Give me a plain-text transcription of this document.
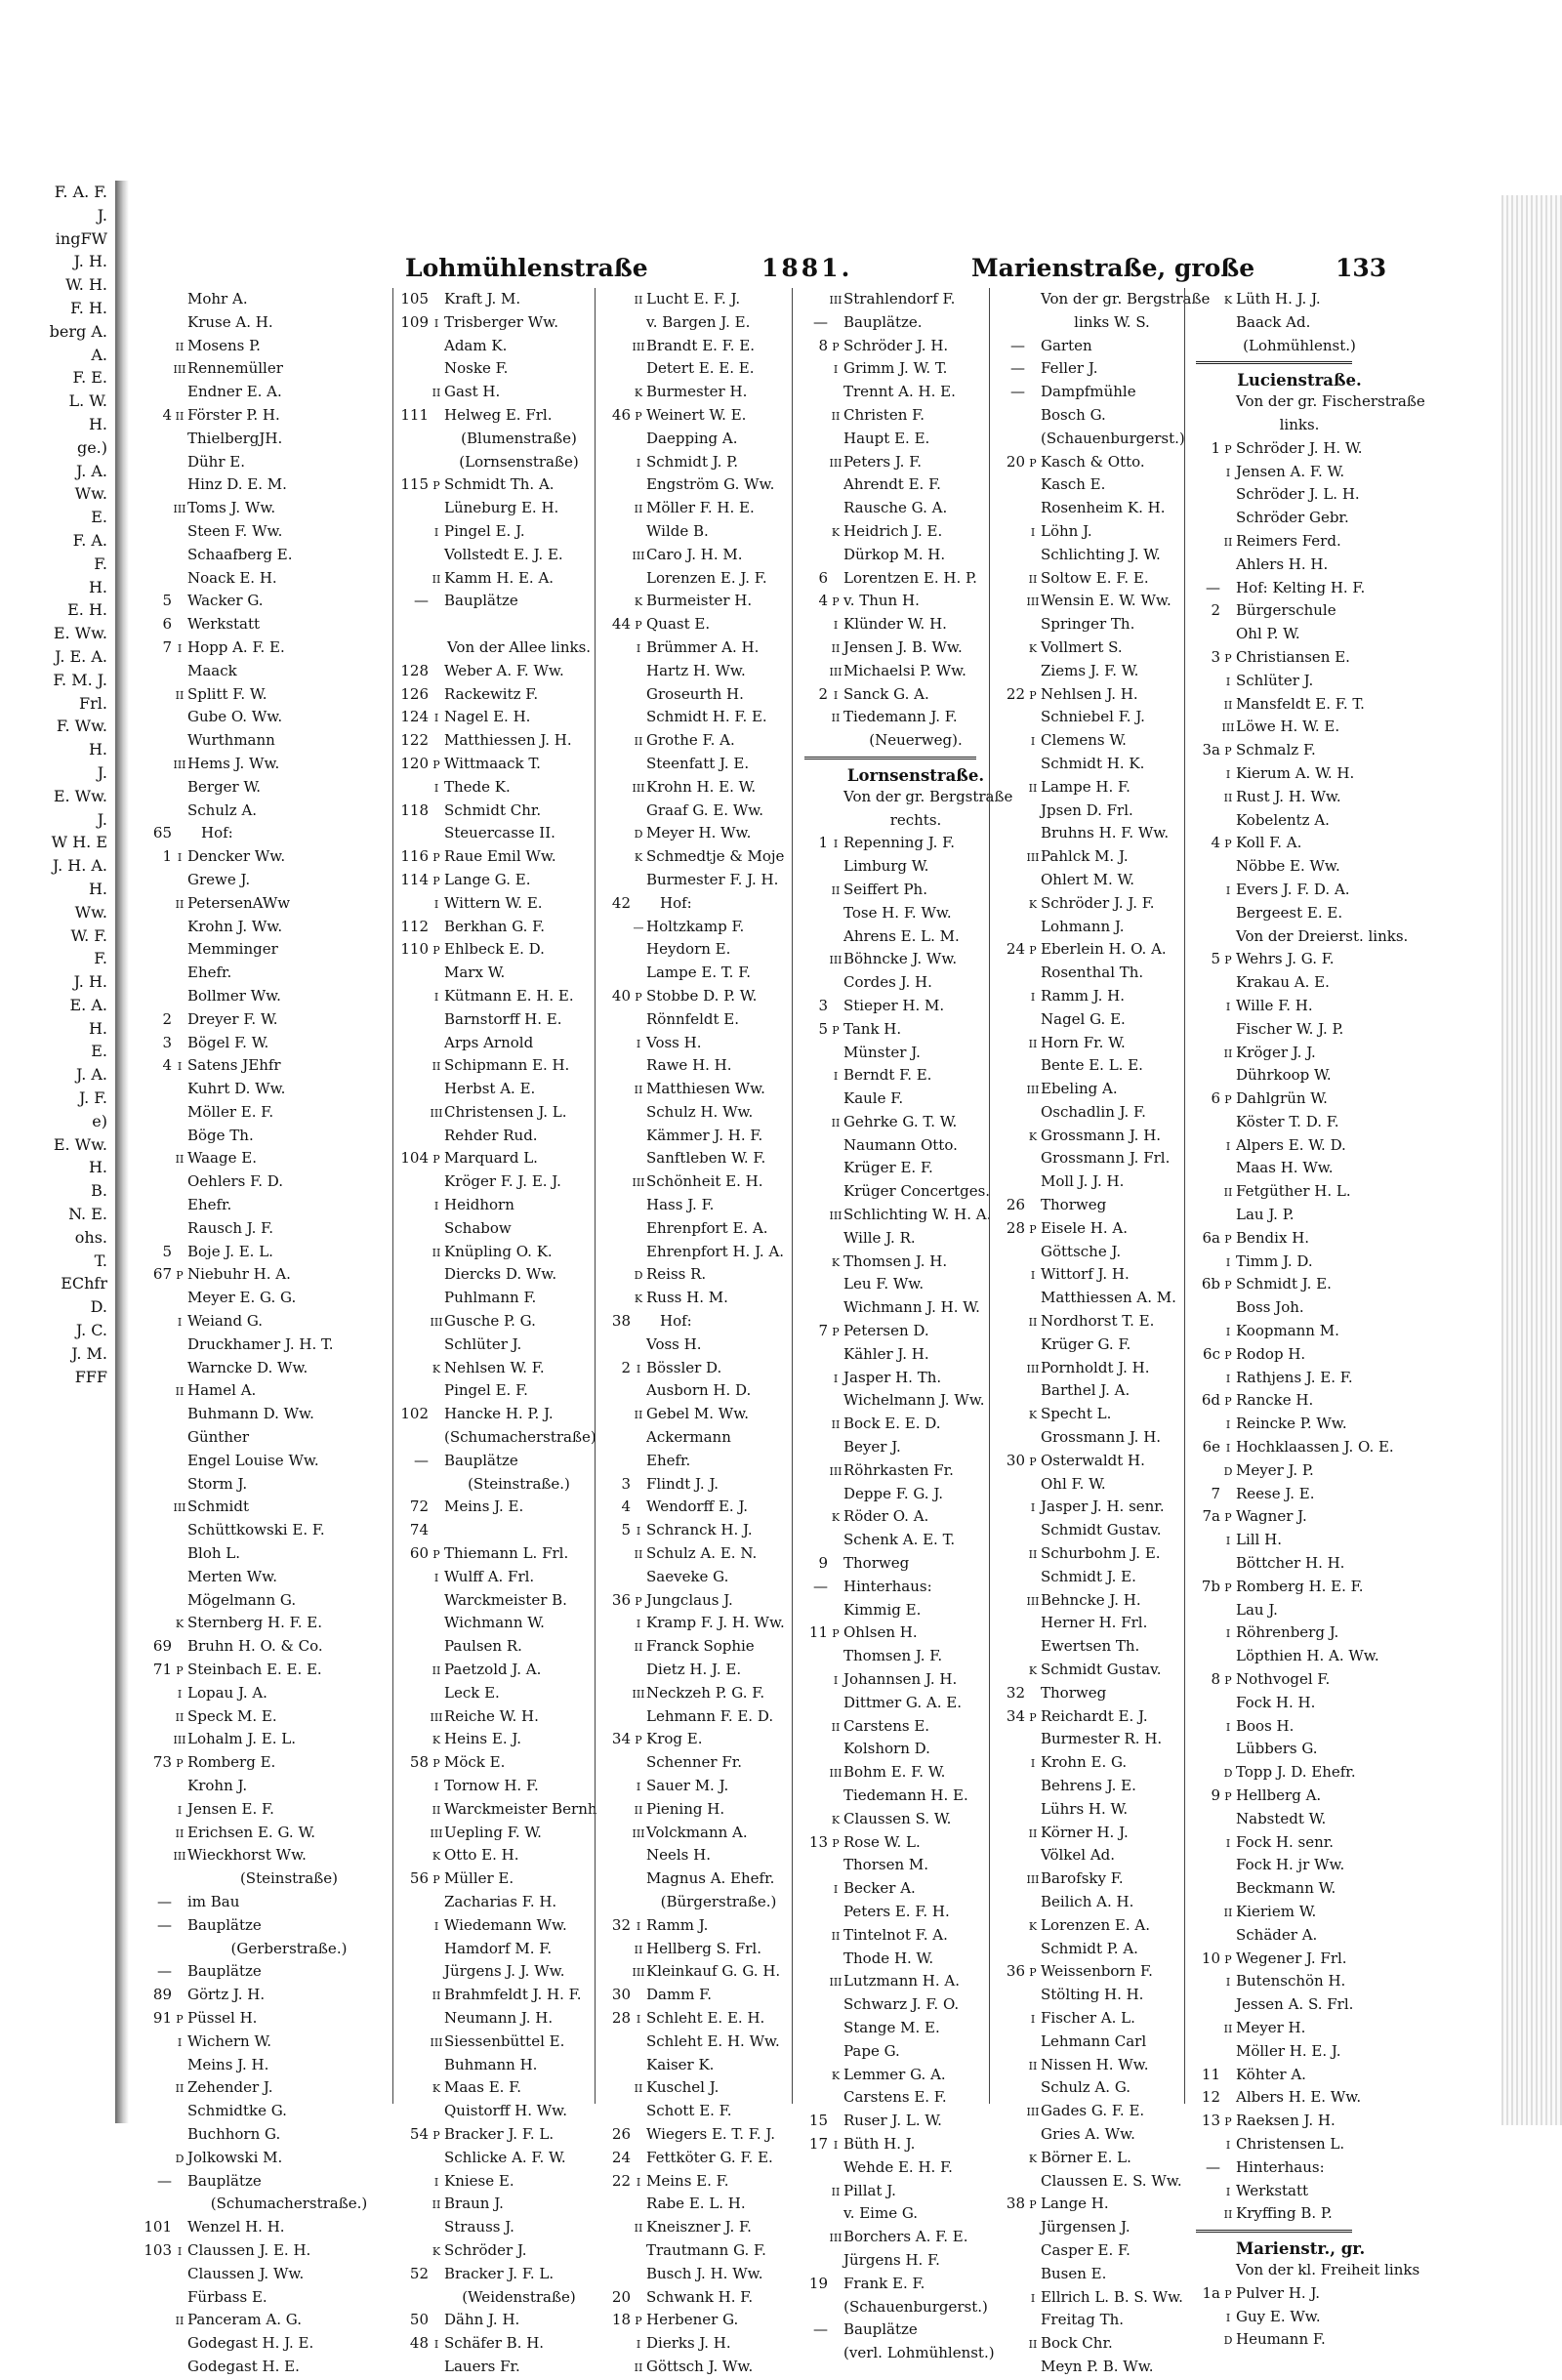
F. A. F.
J.
ingFW
J. H.
W. H.
F. H.
berg A.
A.
F. E.
L. W.
H.
ge.)
J. A.
Ww.
E.
F. A.
F.
H.
E. H.
E. Ww.
J. E. A.
F. M. J.
Frl.
F. Ww.
H.
J.
E. Ww.
J.
W H. E
J. H. A.
H.
Ww.
W. F.
F.
J. H.
E. A.
H.
E.
J. A.
J. F.
e)
E. Ww.
H.
B.
N. E.
ohs.
T.
EChfr
D.
J. C.
J. M.
FFF
Lohmühlenstraße	1881.	Marienstraße, große	133
Mohr A.
Kruse A. H.
II Mosens P.
III Rennemüller
Endner E. A.
4 II Förster P. H.
ThielbergJH.
Dühr E.
Hinz D. E. M.
III Toms J. Ww.
Steen F. Ww.
Schaafberg E.
Noack E. H.
5 Wacker G.
6 Werkstatt
7 I Hopp A. F. E.
Maack
II Splitt F. W.
Gube O. Ww.
Wurthmann
III Hems J. Ww.
Berger W.
Schulz A.
65	Hof:
1 I Dencker Ww.
Grewe J.
II PetersenAWw
Krohn J. Ww.
Memminger
Ehefr.
Bollmer Ww.
2 Dreyer F. W.
3 Bögel F. W.
4 I Satens JEhfr
Kuhrt D. Ww.
Möller E. F.
Böge Th.
II Waage E.
Oehlers F. D.
Ehefr.
Rausch J. F.
5 Boje J. E. L.
67 P Niebuhr H. A.
Meyer E. G. G.
I Weiand G.
Druckhamer J. H. T.
Warncke D. Ww.
II Hamel A.
Buhmann D. Ww.
Günther
Engel Louise Ww.
Storm J.
III Schmidt
Schüttkowski E. F.
Bloh L.
Merten Ww.
Mögelmann G.
K Sternberg H. F. E.
69 Bruhn H. O. & Co.
71 P Steinbach E. E. E.
I Lopau J. A.
II Speck M. E.
III Lohalm J. E. L.
73 P Romberg E.
Krohn J.
I Jensen E. F.
II Erichsen E. G. W.
III Wieckhorst Ww.
(Steinstraße)
— im Bau
— Bauplätze
(Gerberstraße.)
— Bauplätze
89 Görtz J. H.
91 P Püssel H.
I Wichern W.
Meins J. H.
II Zehender J.
Schmidtke G.
Buchhorn G.
D Jolkowski M.
— Bauplätze
(Schumacherstraße.)
101 Wenzel H. H.
103 I Claussen J. E. H.
Claussen J. Ww.
Fürbass E.
II Panceram A. G.
Godegast H. J. E.
Godegast H. E.
105 Kraft J. M.
109 I Trisberger Ww.
Adam K.
Noske F.
II Gast H.
111 Helweg E. Frl.
(Blumenstraße)
(Lornsenstraße)
115 P Schmidt Th. A.
Lüneburg E. H.
I Pingel E. J.
Vollstedt E. J. E.
II Kamm H. E. A.
— Bauplätze
Von der Allee links.
128 Weber A. F. Ww.
126 Rackewitz F.
124 I Nagel E. H.
122 Matthiessen J. H.
120 P Wittmaack T.
I Thede K.
118 Schmidt Chr.
Steuercasse II.
116 P Raue Emil Ww.
114 P Lange G. E.
I Wittern W. E.
112 Berkhan G. F.
110 P Ehlbeck E. D.
Marx W.
I Kütmann E. H. E.
Barnstorff H. E.
Arps Arnold
II Schipmann E. H.
Herbst A. E.
III Christensen J. L.
Rehder Rud.
104 P Marquard L.
Kröger F. J. E. J.
I Heidhorn
Schabow
II Knüpling O. K.
Diercks D. Ww.
Puhlmann F.
III Gusche P. G.
Schlüter J.
K Nehlsen W. F.
Pingel E. F.
102 Hancke H. P. J.
(Schumacherstraße)
— Bauplätze
(Steinstraße.)
72 Meins J. E.
74
60 P Thiemann L. Frl.
I Wulff A. Frl.
Warckmeister B.
Wichmann W.
Paulsen R.
II Paetzold J. A.
Leck E.
III Reiche W. H.
K Heins E. J.
58 P Möck E.
I Tornow H. F.
II Warckmeister Bernh
III Uepling F. W.
K Otto E. H.
56 P Müller E.
Zacharias F. H.
I Wiedemann Ww.
Hamdorf M. F.
Jürgens J. J. Ww.
II Brahmfeldt J. H. F.
Neumann J. H.
III Siessenbüttel E.
Buhmann H.
K Maas E. F.
Quistorff H. Ww.
54 P Bracker J. F. L.
Schlicke A. F. W.
I Kniese E.
II Braun J.
Strauss J.
K Schröder J.
52 Bracker J. F. L.
(Weidenstraße)
50 Dähn J. H.
48 I Schäfer B. H.
Lauers Fr.
II Lucht E. F. J.
v. Bargen J. E.
III Brandt E. F. E.
Detert E. E. E.
K Burmester H.
46 P Weinert W. E.
Daepping A.
I Schmidt J. P.
Engström G. Ww.
II Möller F. H. E.
Wilde B.
III Caro J. H. M.
Lorenzen E. J. F.
K Burmeister H.
44 P Quast E.
I Brümmer A. H.
Hartz H. Ww.
Groseurth H.
Schmidt H. F. E.
II Grothe F. A.
Steenfatt J. E.
III Krohn H. E. W.
Graaf G. E. Ww.
D Meyer H. Ww.
K Schmedtje & Moje
Burmester F. J. H.
42	Hof:
— Holtzkamp F.
Heydorn E.
Lampe E. T. F.
40 P Stobbe D. P. W.
Rönnfeldt E.
I Voss H.
Rawe H. H.
II Matthiesen Ww.
Schulz H. Ww.
Kämmer J. H. F.
Sanftleben W. F.
III Schönheit E. H.
Hass J. F.
Ehrenpfort E. A.
Ehrenpfort H. J. A.
D Reiss R.
K Russ H. M.
38	Hof:
Voss H.
2 I Bössler D.
Ausborn H. D.
II Gebel M. Ww.
Ackermann
Ehefr.
3 Flindt J. J.
4 Wendorff E. J.
5 I Schranck H. J.
II Schulz A. E. N.
Saeveke G.
36 P Jungclaus J.
I Kramp F. J. H. Ww.
II Franck Sophie
Dietz H. J. E.
III Neckzeh P. G. F.
Lehmann F. E. D.
34 P Krog E.
Schenner Fr.
I Sauer M. J.
II Piening H.
III Volckmann A.
Neels H.
Magnus A. Ehefr.
(Bürgerstraße.)
32 I Ramm J.
II Hellberg S. Frl.
III Kleinkauf G. G. H.
30 Damm F.
28 I Schleht E. E. H.
Schleht E. H. Ww.
Kaiser K.
II Kuschel J.
Schott E. F.
26 Wiegers E. T. F. J.
24 Fettköter G. F. E.
22 I Meins E. F.
Rabe E. L. H.
II Kneiszner J. F.
Trautmann G. F.
Busch J. H. Ww.
20 Schwank H. F.
18 P Herbener G.
I Dierks J. H.
II Göttsch J. Ww.
III Strahlendorf F.
— Bauplätze.
8 P Schröder J. H.
I Grimm J. W. T.
Trennt A. H. E.
II Christen F.
Haupt E. E.
III Peters J. F.
Ahrendt E. F.
Rausche G. A.
K Heidrich J. E.
Dürkop M. H.
6 Lorentzen E. H. P.
4 P v. Thun H.
I Klünder W. H.
II Jensen J. B. Ww.
III Michaelsi P. Ww.
2 I Sanck G. A.
II Tiedemann J. F.
(Neuerweg).
Lornsenstraße.
Von der gr. Bergstraße
rechts.
1 I Repenning J. F.
Limburg W.
II Seiffert Ph.
Tose H. F. Ww.
Ahrens E. L. M.
III Böhncke J. Ww.
Cordes J. H.
3 Stieper H. M.
5 P Tank H.
Münster J.
I Berndt F. E.
Kaule F.
II Gehrke G. T. W.
Naumann Otto.
Krüger E. F.
Krüger Concertges.
III Schlichting W. H. A.
Wille J. R.
K Thomsen J. H.
Leu F. Ww.
Wichmann J. H. W.
7 P Petersen D.
Kähler J. H.
I Jasper H. Th.
Wichelmann J. Ww.
II Bock E. E. D.
Beyer J.
III Röhrkasten Fr.
Deppe F. G. J.
K Röder O. A.
Schenk A. E. T.
9 Thorweg
— Hinterhaus:
Kimmig E.
11 P Ohlsen H.
Thomsen J. F.
I Johannsen J. H.
Dittmer G. A. E.
II Carstens E.
Kolshorn D.
III Bohm E. F. W.
Tiedemann H. E.
K Claussen S. W.
13 P Rose W. L.
Thorsen M.
I Becker A.
Peters E. F. H.
II Tintelnot F. A.
Thode H. W.
III Lutzmann H. A.
Schwarz J. F. O.
Stange M. E.
Pape G.
K Lemmer G. A.
Carstens E. F.
15 Ruser J. L. W.
17 I Büth H. J.
Wehde E. H. F.
II Pillat J.
v. Eime G.
III Borchers A. F. E.
Jürgens H. F.
19 Frank E. F.
(Schauenburgerst.)
— Bauplätze
(verl. Lohmühlenst.)
Von der gr. Bergstraße
links W. S.
— Garten
— Feller J.
— Dampfmühle
Bosch G.
(Schauenburgerst.)
20 P Kasch & Otto.
Kasch E.
Rosenheim K. H.
I Löhn J.
Schlichting J. W.
II Soltow E. F. E.
III Wensin E. W. Ww.
Springer Th.
K Vollmert S.
Ziems J. F. W.
22 P Nehlsen J. H.
Schniebel F. J.
I Clemens W.
Schmidt H. K.
II Lampe H. F.
Jpsen D. Frl.
Bruhns H. F. Ww.
III Pahlck M. J.
Ohlert M. W.
K Schröder J. J. F.
Lohmann J.
24 P Eberlein H. O. A.
Rosenthal Th.
I Ramm J. H.
Nagel G. E.
II Horn Fr. W.
Bente E. L. E.
III Ebeling A.
Oschadlin J. F.
K Grossmann J. H.
Grossmann J. Frl.
Moll J. J. H.
26 Thorweg
28 P Eisele H. A.
Göttsche J.
I Wittorf J. H.
Matthiessen A. M.
II Nordhorst T. E.
Krüger G. F.
III Pornholdt J. H.
Barthel J. A.
K Specht L.
Grossmann J. H.
30 P Osterwaldt H.
Ohl F. W.
I Jasper J. H. senr.
Schmidt Gustav.
II Schurbohm J. E.
Schmidt J. E.
III Behncke J. H.
Herner H. Frl.
Ewertsen Th.
K Schmidt Gustav.
32 Thorweg
34 P Reichardt E. J.
Burmester R. H.
I Krohn E. G.
Behrens J. E.
Lührs H. W.
II Körner H. J.
Völkel Ad.
III Barofsky F.
Beilich A. H.
K Lorenzen E. A.
Schmidt P. A.
36 P Weissenborn F.
Stölting H. H.
I Fischer A. L.
Lehmann Carl
II Nissen H. Ww.
Schulz A. G.
III Gades G. F. E.
Gries A. Ww.
K Börner E. L.
Claussen E. S. Ww.
38 P Lange H.
Jürgensen J.
Casper E. F.
Busen E.
I Ellrich L. B. S. Ww.
Freitag Th.
II Bock Chr.
Meyn P. B. Ww.
K Lüth H. J. J.
Baack Ad.
(Lohmühlenst.)
Lucienstraße.
Von der gr. Fischerstraße
links.
1 P Schröder J. H. W.
I Jensen A. F. W.
Schröder J. L. H.
Schröder Gebr.
II Reimers Ferd.
Ahlers H. H.
— Hof: Kelting H. F.
2 Bürgerschule
Ohl P. W.
3 P Christiansen E.
I Schlüter J.
II Mansfeldt E. F. T.
III Löwe H. W. E.
3a P Schmalz F.
I Kierum A. W. H.
II Rust J. H. Ww.
Kobelentz A.
4 P Koll F. A.
Nöbbe E. Ww.
I Evers J. F. D. A.
Bergeest E. E.
Von der Dreierst. links.
5 P Wehrs J. G. F.
Krakau A. E.
I Wille F. H.
Fischer W. J. P.
II Kröger J. J.
Dührkoop W.
6 P Dahlgrün W.
Köster T. D. F.
I Alpers E. W. D.
Maas H. Ww.
II Fetgüther H. L.
Lau J. P.
6a P Bendix H.
I Timm J. D.
6b P Schmidt J. E.
Boss Joh.
I Koopmann M.
6c P Rodop H.
I Rathjens J. E. F.
6d P Rancke H.
I Reincke P. Ww.
6e I Hochklaassen J. O. E.
D Meyer J. P.
7 Reese J. E.
7a P Wagner J.
I Lill H.
Böttcher H. H.
7b P Romberg H. E. F.
Lau J.
I Röhrenberg J.
Löpthien H. A. Ww.
8 P Nothvogel F.
Fock H. H.
I Boos H.
Lübbers G.
D Topp J. D. Ehefr.
9 P Hellberg A.
Nabstedt W.
I Fock H. senr.
Fock H. jr Ww.
Beckmann W.
II Kieriem W.
Schäder A.
10 P Wegener J. Frl.
I Butenschön H.
Jessen A. S. Frl.
II Meyer H.
Möller H. E. J.
11 Köhter A.
12 Albers H. E. Ww.
13 P Raeksen J. H.
I Christensen L.
— Hinterhaus:
I Werkstatt
II Kryffing B. P.
Marienstr., gr.
Von der kl. Freiheit links
1a P Pulver H. J.
I Guy E. Ww.
D Heumann F.
